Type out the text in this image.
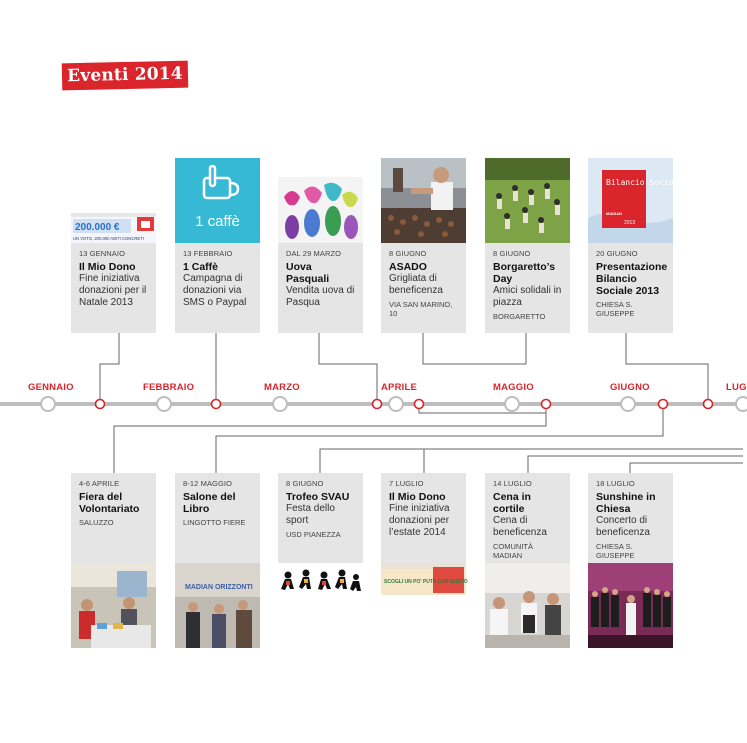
Eventi 2014
GENNAIO	FEBBRAIO	MARZO	APRILE	MAGGIO	GIUGNO	LUG
200.000 €
UN VOTO, 200.000 ABITI CONCRETI
1 caffè
Bilancio Sociale
MADIAN
2013
13 GENNAIO
Il Mio Dono
Fine iniziativa donazioni per il Natale 2013
13 FEBBRAIO
1 Caffè
Campagna di donazioni via SMS o Paypal
DAL 29 MARZO
Uova Pasquali
Vendita uova di Pasqua
8 GIUGNO
ASADO
Grigliata di beneficenza
VIA SAN MARINO, 10
8 GIUGNO
Borgaretto’s Day
Amici solidali in piazza
BORGARETTO
20 GIUGNO
Presentazione Bilancio Sociale 2013
CHIESA S. GIUSEPPE
4-6 APRILE
Fiera del Volontariato
SALUZZO
8-12 MAGGIO
Salone del Libro
LINGOTTO FIERE
8 GIUGNO
Trofeo SVAU
Festa dello sport
USD PIANEZZA
7 LUGLIO
Il Mio Dono
Fine iniziativa donazioni per l’estate 2014
14 LUGLIO
Cena in cortile
Cena di beneficenza
COMUNITÀ MADIAN
18 LUGLIO
Sunshine in Chiesa
Concerto di beneficenza
CHIESA S. GIUSEPPE
MADIAN ORIZZONTI
SCOGLI UN PO' PUTA CON GUSTO
